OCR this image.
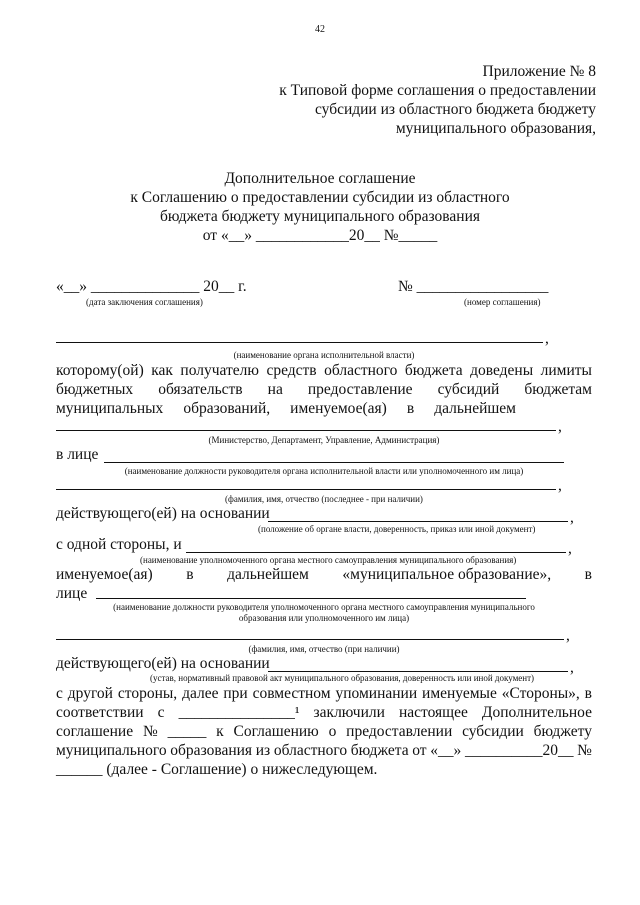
42
Приложение № 8
к Типовой форме соглашения о предоставлении
субсидии из областного бюджета бюджету
муниципального образования,
Дополнительное соглашение
к Соглашению о предоставлении субсидии из областного
бюджета бюджету муниципального образования
от «__» ____________20__ №_____
«__» ______________ 20__ г.	№ _________________
(дата заключения соглашения)	(номер соглашения)
,
(наименование органа исполнительной власти)
которому(ой) как получателю средств областного бюджета доведены лимиты
бюджетных обязательств на предоставление субсидий бюджетам
муниципальных образований, именуемое(ая) в дальнейшем
,
(Министерство, Департамент, Управление, Администрация)
в лице
(наименование должности руководителя органа исполнительной власти или уполномоченного им лица)
,
(фамилия, имя, отчество (последнее - при наличии)
действующего(ей) на основании	,
(положение об органе власти, доверенность, приказ или иной документ)
с одной стороны, и	,
(наименование уполномоченного органа местного самоуправления муниципального образования)
именуемое(ая) в дальнейшем «муниципальное образование», в
лице
(наименование должности руководителя уполномоченного органа местного самоуправления муниципального
образования или уполномоченного им лица)
,
(фамилия, имя, отчество (при наличии)
действующего(ей) на основании	,
(устав, нормативный правовой акт муниципального образования, доверенность или иной документ)
с другой стороны, далее при совместном упоминании именуемые «Стороны», в
соответствии с _______________¹ заключили настоящее Дополнительное
соглашение № _____ к Соглашению о предоставлении субсидии бюджету
муниципального образования из областного бюджета от «__» __________20__ №
______ (далее - Соглашение) о нижеследующем.
